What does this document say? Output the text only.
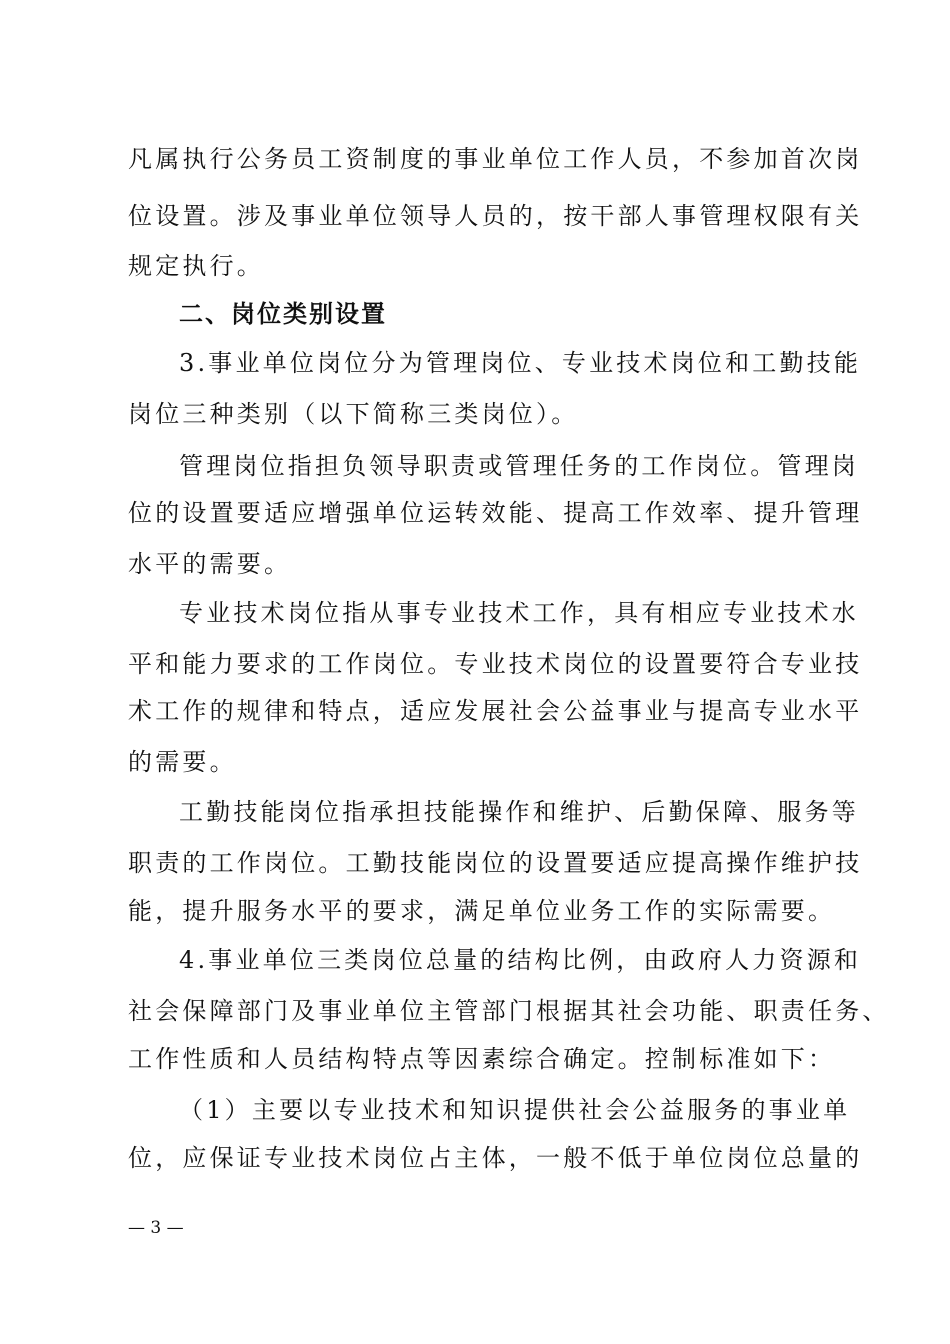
凡属执行公务员工资制度的事业单位工作人员，不参加首次岗
位设置。涉及事业单位领导人员的，按干部人事管理权限有关
规定执行。
二、岗位类别设置
3.事业单位岗位分为管理岗位、专业技术岗位和工勤技能
岗位三种类别（以下简称三类岗位）。
管理岗位指担负领导职责或管理任务的工作岗位。管理岗
位的设置要适应增强单位运转效能、提高工作效率、提升管理
水平的需要。
专业技术岗位指从事专业技术工作，具有相应专业技术水
平和能力要求的工作岗位。专业技术岗位的设置要符合专业技
术工作的规律和特点，适应发展社会公益事业与提高专业水平
的需要。
工勤技能岗位指承担技能操作和维护、后勤保障、服务等
职责的工作岗位。工勤技能岗位的设置要适应提高操作维护技
能，提升服务水平的要求，满足单位业务工作的实际需要。
4.事业单位三类岗位总量的结构比例，由政府人力资源和
社会保障部门及事业单位主管部门根据其社会功能、职责任务、
工作性质和人员结构特点等因素综合确定。控制标准如下：
（1）主要以专业技术和知识提供社会公益服务的事业单
位，应保证专业技术岗位占主体，一般不低于单位岗位总量的
— 3 —
